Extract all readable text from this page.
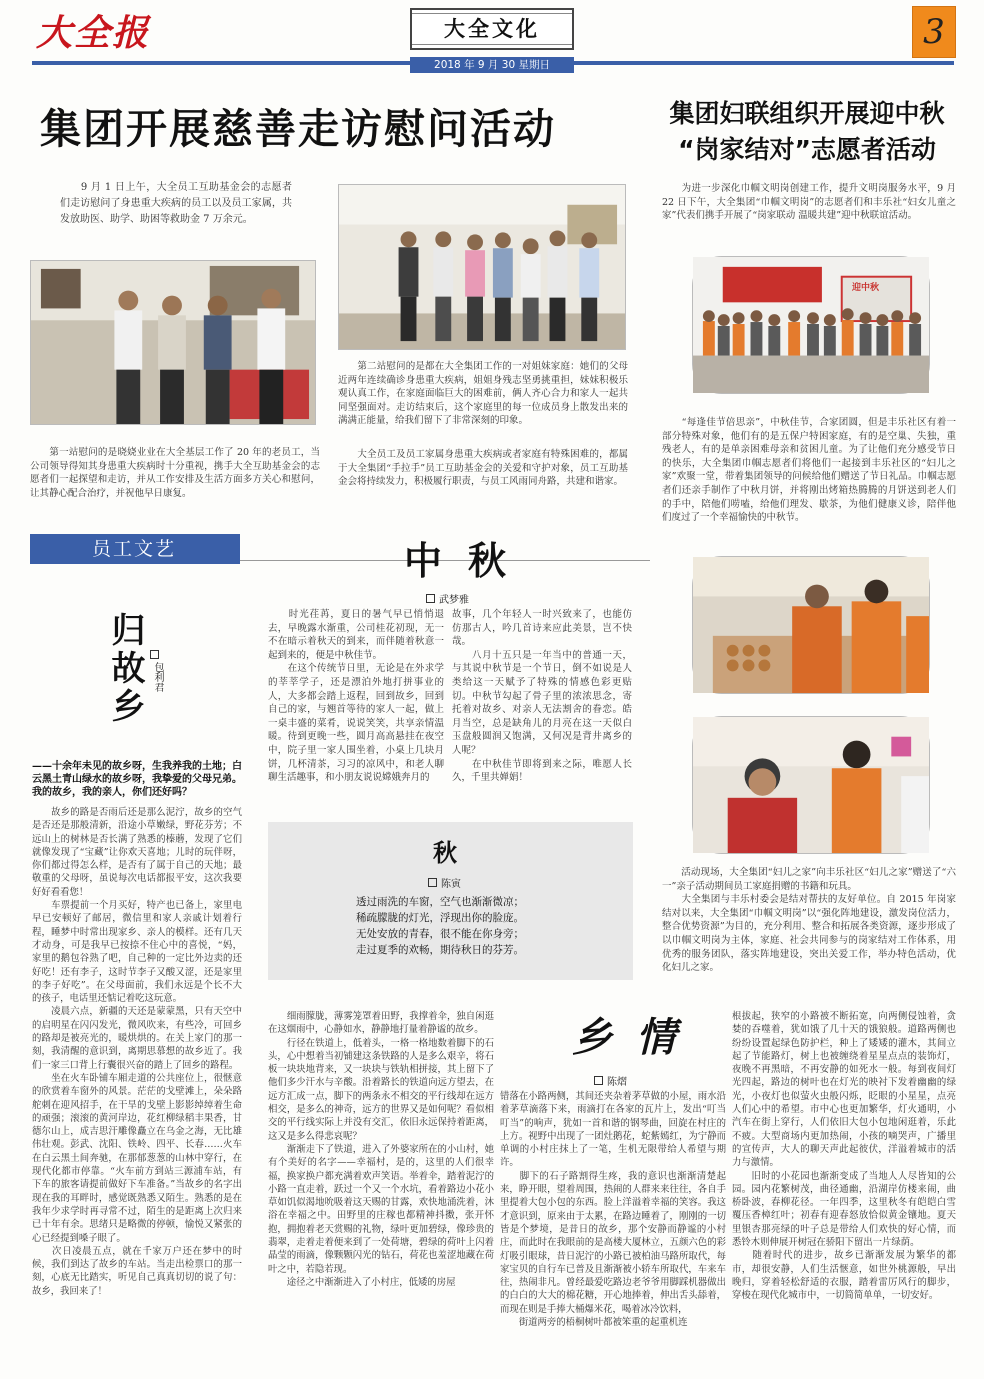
大全报	大全文化	3
2018 年 9 月 30 星期日
集团开展慈善走访慰问活动
　　9 月 1 日上午，大全员工互助基金会的志愿者们走访慰问了身患重大疾病的员工以及员工家属，共发放助医、助学、助困等救助金 7 万余元。
　　第一站慰问的是晓娆业业在大全基层工作了 20 年的老员工，当公司领导得知其身患重大疾病时十分重视，携手大全互助基金会的志愿者们一起探望和走访，并从工作安排及生活方面多方关心和慰问，让其静心配合治疗，并祝他早日康复。
　　第二站慰问的是都在大全集团工作的一对姐妹家庭：她们的父母近两年连续确诊身患重大疾病，姐姐身残志坚勇挑重担，妹妹积极乐观认真工作，在家庭面临巨大的困难前，俩人齐心合力和家人一起共同坚强面对。走访结束后，这个家庭里的每一位成员身上散发出来的满满正能量，给我们留下了非常深刻的印象。
　　大全员工及员工家属身患重大疾病或者家庭有特殊困难的，都属于大全集团“手拉手”员工互助基金会的关爱和守护对象，员工互助基金会将持续发力，积极履行职责，与员工风雨同舟路，共建和谐家。
集团妇联组织开展迎中秋
“岗家结对”志愿者活动
　　为进一步深化巾帼文明岗创建工作，提升文明岗服务水平，9 月 22 日下午，大全集团“巾帼文明岗”的志愿者们和丰乐社“妇女儿童之家”代表们携手开展了“岗家联动 温暖共建”迎中秋联谊活动。
迎中秋
　　“每逢佳节倍思亲”，中秋佳节，合家团圆，但是丰乐社区有着一部分特殊对象，他们有的是五保户特困家庭，有的是空巢、失独，重残老人，有的是单亲困难母亲和贫困儿童。为了让他们充分感受节日的快乐，大全集团巾帼志愿者们将他们一起接到丰乐社区的“妇儿之家”欢聚一堂，带着集团领导的问候给他们赠送了节日礼品。巾帼志愿者们还亲手制作了中秋月饼，并将刚出烤箱热腾腾的月饼送到老人们的手中，陪他们唠嗑，给他们理发、歇茶，为他们健康义诊，陪伴他们度过了一个幸福愉快的中秋节。
　　活动现场，大全集团“妇儿之家”向丰乐社区“妇儿之家”赠送了“六一”亲子活动期间员工家庭捐赠的书籍和玩具。
　　大全集团与丰乐村委会是结对帮扶的友好单位。自 2015 年岗家结对以来，大全集团“巾帼文明岗”以“强化阵地建设，激发岗位活力，整合优势资源”为目的，充分利用、整合和拓展各类资源，逐步形成了以巾帼文明岗为主体，家庭、社会共同参与的岗家结对工作体系，用优秀的服务团队，落实阵地建设，突出关爱工作，举办特色活动，优化妇儿之家。
员工文艺
归故乡 包利君
——十余年未见的故乡呀，生我养我的土地；白云黑土青山绿水的故乡呀，我挚爱的父母兄弟。我的故乡，我的亲人，你们还好吗？
　　故乡的路是否雨后还是那么泥泞，故乡的空气是否还是那般清新，沿途小草嫩绿，野花芬芳；不远山上的树林是否长满了熟悉的榛蘑，发现了它们就像发现了“宝藏”让你欢天喜地；儿时的玩伴呀，你们都过得怎么样，是否有了属于自己的天地；最敬重的父母呀，虽说每次电话都报平安，这次我要好好看看您！
　　车票提前一个月买好，特产也已备上，家里电早已安顿好了邮居，微信里和家人亲戚计划着行程，睡梦中时常出现家乡、亲人的模样。还有几天才动身，可是我早已按捺不住心中的喜悦，“妈，家里的鹅包谷熟了吧，自己种的一定比外边卖的还好吃！还有李子，这时节李子又酸又涩，还是家里的李子好吃”。在父母面前，我们永远是个长不大的孩子，电话里还惦记着吃这玩意。
　　凌晨六点，新疆的天还是蒙蒙黑，只有天空中的启明星在闪闪发光，微风吹来，有些冷，可回乡的路却是被亮光的，暖烘烘的。在关上家门的那一刻，我清醒的意识到，离期思慕想的故乡近了。我们一家三口背上行囊很兴奋的踏上了回乡的路程。
　　坐在火车卧铺车厢走道的公共座位上，很惬意的欣赏着车窗外的风景。茫茫的戈壁滩上，朵朵路舵刺在迎风招手，在干旱的戈壁上影影绰绰着生命的顽强；滚滚的黄河岸边，花红柳绿稻丰果香，甘德尔山上，成吉思汗雕像矗立在乌金之海，无比雄伟壮观。彭武、沈阳、铁岭、四平、长春……火车在白云黑土间奔驰，在那郁葱葱的山林中穿行，在现代化都市停靠。“火车前方到站三源浦车站，有下车的旅客请提前做好下车准备。”当故乡的名字出现在我的耳畔时，感觉既熟悉又陌生。熟悉的是在我年少求学时再寻常不过，陌生的是距离上次归来已十年有余。思绪只是略微的停顿，愉悦又紧张的心已经提到嗓子眼了。
　　次日凌晨五点，就在千家万户还在梦中的时候，我们到达了故乡的车站。当走出检票口的那一刻，心底无比踏实，听见自己真真切切的说了句：故乡，我回来了！
中秋
武梦雅
　　时光荏苒，夏日的暑气早已悄悄退去，早晚露水渐重，公司桂花初现，无一不在暗示着秋天的到来，而伴随着秋意一起到来的，便是中秋佳节。
　　在这个传统节日里，无论是在外求学的莘莘学子，还是漂泊外地打拼事业的人，大多都会踏上返程，回到故乡，回到自己的家，与翘首等待的家人一起，做上一桌丰盛的菜肴，说说笑笑，共享亲情温暖。待到更晚一些，圆月高高悬挂在夜空中，院子里一家人围坐着，小桌上几块月饼，几杯清茶，习习的凉风中，和老人聊聊生活趣事，和小朋友说说嫦娥奔月的
故事，几个年轻人一时兴致来了，也能仿仿那古人，吟几首诗来应此美景，岂不快哉。
　　八月十五只是一年当中的普通一天，与其说中秋节是一个节日，倒不如说是人类给这一天赋予了特殊的情感色彩更贴切。中秋节勾起了骨子里的浓浓思念，寄托着对故乡、对亲人无法割舍的眷恋。皓月当空，总是缺角儿的月亮在这一天似白玉盘般圆润又饱满，又何况是背井离乡的人呢？
　　在中秋佳节即将到来之际，唯愿人长久，千里共婵娟！
秋
陈寅
透过雨洗的车窗，空气也渐渐微凉；
稀疏朦胧的灯光，浮现出你的脸庞。
无处安放的青春，很不能在你身旁；
走过夏季的欢畅，期待秋日的芬芳。
乡情
陈熠
　　细雨朦胧，薄雾笼罩着田野，我撑着伞，独自闲逛在这烟雨中，心静如水，静静地打量着静谧的故乡。
　　行径在铁道上，低着头，一格一格地数着脚下的石头，心中想着当初铺建这条铁路的人是多么艰辛，将石板一块块地背来，又一块块与铁轨相拼接，其上留下了他们多少汗水与辛酸。沿着路长的铁道向远方望去，在远方汇成一点，脚下的两条永不相交的平行线却在远方相交，是多么的神奇，远方的世界又是如何呢？看似相交的平行线实际上并没有交汇，依旧永远保持着距离，这又是多么得悲哀呢？
　　渐渐走下了铁道，进入了外婆家所在的小山村，她有个美好的名字——幸福村，是的，这里的人们很幸福，换家换户都充满着欢声笑语。举着伞，踏着泥泞的小路一直走着，跃过一个又一个水坑，看着路边小花小草如饥似渴地吮吸着这天赐的甘露，欢快地涌洗着，沐浴在幸福之中。田野里的庄稼也都精神抖擞，张开怀抱，拥抱着老天赏赐的礼物，绿叶更加碧绿，像珍贵的翡翠，走着走着便来到了一处荷塘，碧绿的荷叶上闪着晶莹的雨滴，像颗颗闪光的钻石，荷花也羞涩地藏在荷叶之中，若隐若现。
　　途径之中渐渐进入了小村庄，低矮的房屋
错落在小路两侧，其间还夹杂着茅草做的小屋，雨水沿着茅草滴落下来，雨滴打在各家的瓦片上，发出“叮当叮当”的响声，犹如一首和谐的钢琴曲，回旋在村庄的上方。视野中出现了一团灶鹅花，蛇紫嫣红，为宁静而单调的小村庄抹上了一笔，生机无限带给人希望与期许。
　　脚下的石子路割得生疼，我的意识也渐渐清楚起来，睁开眼，望着周围，热闹的人群来来往往，各自手里提着大包小包的东西。脸上洋溢着幸福的笑容。我这才意识到，原来由于太累，在路边睡着了，刚刚的一切皆是个梦境，是昔日的故乡，那个安静而静谧的小村庄，而此时在我眼前的是高楼大厦林立，五颜六色的彩灯吸引眼球，昔日泥泞的小路已被柏油马路所取代，每家宝贝的自行车已普及且渐渐被小轿车所取代，车来车往，热闹非凡。曾经最爱吃路边老爷爷用脚踩机器做出的白白的大大的棉花糖，开心地捧着，伸出舌头舔着，而现在则是手捧大桶爆米花，喝着冰冷饮料，
　　街道两旁的梧桐树叶都被笨重的起重机连
根拔起，狭窄的小路被不断拓宽，向两侧侵蚀着，贪婪的吞噬着，犹如饿了几十天的饿狼般。道路两侧也纷纷设置起绿色防护栏，种上了矮矮的灌木，其间立起了节能路灯，树上也被缠绕着星星点点的装饰灯，夜晚不再黑暗，不再安静的如死水一般。每到夜间灯光四起，路边的树叶也在灯光的映衬下发着幽幽的绿光，小夜灯也似萤火虫般闪烁，眨眼的小星星，点亮人们心中的希望。市中心也更加繁华，灯火通明，小汽车在街上穿行，人们依旧大包小包地闲逛着，乐此不疲。大型商场内更加热闹，小孩的嘀哭声，广播里的宣传声，大人的聊天声此起彼伏，洋溢着城市的活力与激情。
　　旧时的小花园也渐渐变成了当地人人尽皆知的公园。园内花繁树茂，曲径通幽，沿湖岸仿楼来闹，曲桥卧波，春柳花径。一年四季，这里秋冬有皑皑白雪覆压香樟红叶；初春有迎春怒放恰似黄金镶地。夏天里银杏那亮绿的叶子总是带给人们欢快的好心情，而悉铃木则伸展开树冠在骄阳下留出一片绿荫。
　　随着时代的进步，故乡已渐渐发展为繁华的都市，却很安静，人们生活惬意，如世外桃源般，早出晚归，穿着轻松舒适的衣服，踏着雷厉风行的脚步，穿梭在现代化城市中，一切简简单单，一切安好。
